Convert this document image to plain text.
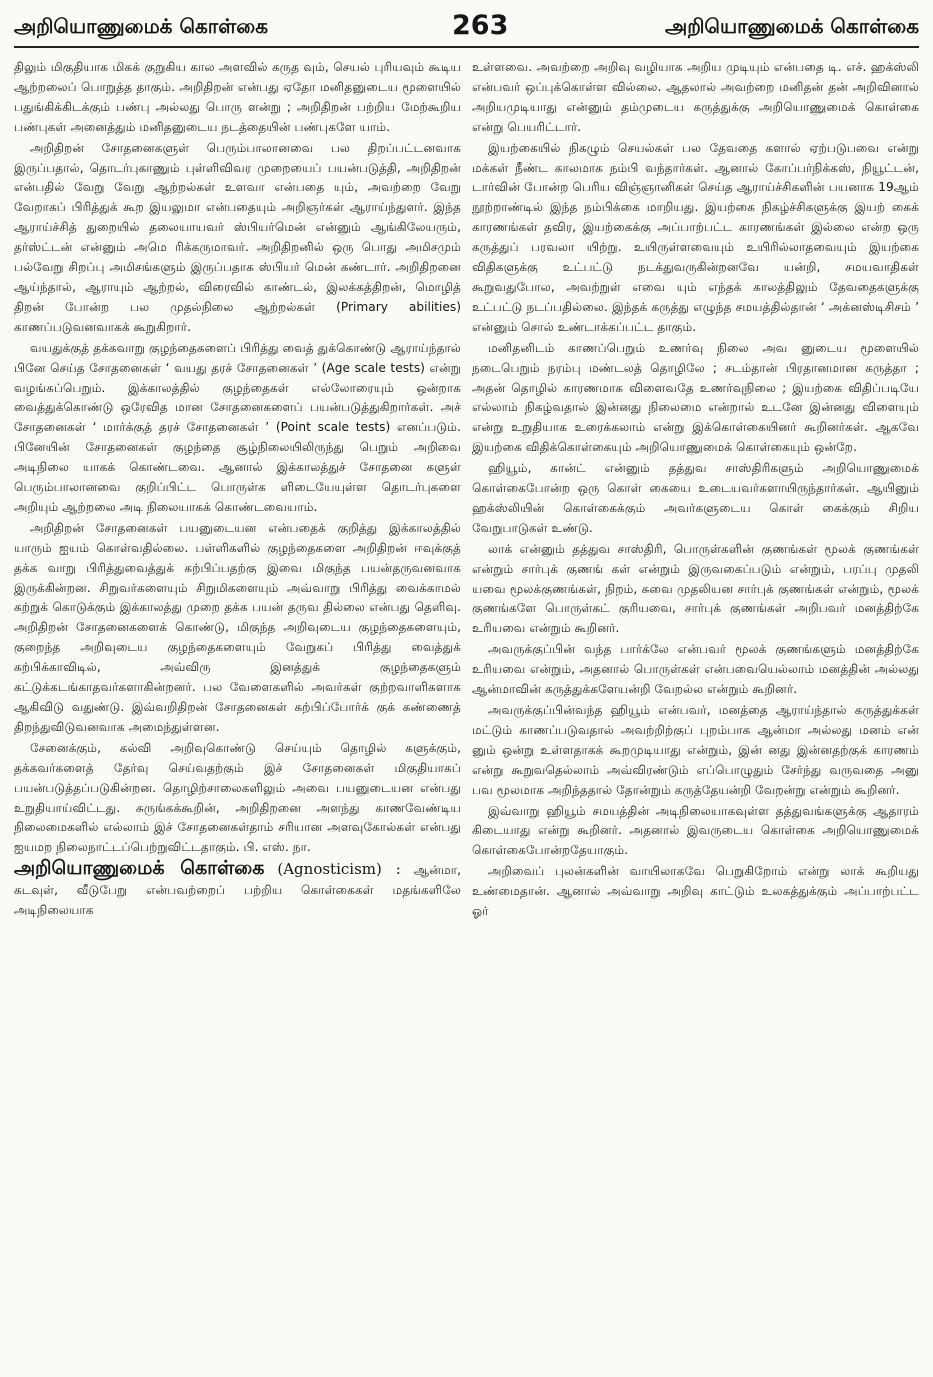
அறியொணுமைக் கொள்கை	263	அறியொணுமைக் கொள்கை

திலும் மிகுதியாக மிகக் குறுகிய கால அளவில் கருத வும், செயல் புரியவும் கூடிய ஆற்றலைப் பொறுத்த தாகும். அறிதிறன் என்பது ஏதோ மனிதனுடைய மூளையில் பதுங்கிக்கிடக்கும் பண்பு அல்லது பொரு ளன்று ; அறிதிறன் பற்றிய மேற்கூறிய பண்புகள் அனைத்தும் மனிதனுடைய நடத்தையின் பண்புகளே யாம்.

அறிதிறன் சோதனைகளுள் பெரும்பாலானவை பல திறப்பட்டனவாக இருப்பதால், தொடர்புகாணும் புள்ளிவிவர முறையைப் பயன்படுத்தி, அறிதிறன் என்பதில் வேறு வேறு ஆற்றல்கள் உளவா என்பதை யும், அவற்றை வேறு வேறாகப் பிரித்துக் கூற இயலுமா என்பதையும் அறிஞர்கள் ஆராய்ந்துளர். இந்த ஆராய்ச்சித் துறையில் தலையாயவர் ஸ்பியர்மென் என்னும் ஆங்கிலேயரும், தர்ஸ்ட்டன் என்னும் அமெ ரிக்கருமாவர். அறிதிறனில் ஒரு பொது அமிசமும் பல்வேறு சிறப்பு அமிசங்களும் இருப்பதாக ஸ்பியர் மென் கண்டார். அறிதிறனை ஆய்ந்தால், ஆராயும் ஆற்றல், விரைவில் காண்டல், இலக்கத்திறன், மொழித் திறன் போன்ற பல முதல்நிலை ஆற்றல்கள் (Primary abilities) காணப்படுவனவாகக் கூறுகிறார்.

வயதுக்குத் தக்கவாறு குழந்தைகளைப் பிரித்து வைத் துக்கொண்டு ஆராய்ந்தால் பினே செய்த சோதனைகள் ‘ வயது தரச் சோதனைகள் ’ (Age scale tests) என்று வழங்கப்பெறும். இக்காலத்தில் குழந்தைகள் எல்லோரையும் ஒன்றாக வைத்துக்கொண்டு ஒரேவித மான சோதனைகளைப் பயன்படுத்துகிறார்கள். அச் சோதனைகள் ‘ மார்க்குத் தரச் சோதனைகள் ’ (Point scale tests) எனப்படும். பினேயின் சோதனைகள் குழந்தை சூழ்நிலையிலிருந்து பெறும் அறிவை அடிநிலை யாகக் கொண்டவை. ஆனால் இக்காலத்துச் சோதனை களுள் பெரும்பாலானவை குறிப்பிட்ட பொருள்க ளிடையேயுள்ள தொடர்புகளை அறியும் ஆற்றலை அடி நிலையாகக் கொண்டவையாம்.

அறிதிறன் சோதனைகள் பயனுடையன என்பதைக் குறித்து இக்காலத்தில் யாரும் ஐயம் கொள்வதில்லை. பள்ளிகளில் குழந்தைகளை அறிதிறன் ஈவுக்குத் தக்க வாறு பிரித்துவைத்துக் கற்பிப்பதற்கு இவை மிகுந்த பயன்தருவனவாக இருக்கின்றன. சிறுவர்களையும் சிறுமிகளையும் அவ்வாறு பிரித்து வைக்காமல் கற்றுக் கொடுக்கும் இக்காலத்து முறை தக்க பயன் தருவ தில்லை என்பது தெளிவு. அறிதிறன் சோதனைகளைக் கொண்டு, மிகுந்த அறிவுடைய குழந்தைகளையும், குறைந்த அறிவுடைய குழந்தைகளையும் வேறுகப் பிரித்து வைத்துக் கற்பிக்காவிடில், அவ்விரு இனத்துக் குழந்தைகளும் கட்டுக்கடங்காதவர்களாகின்றனர். பல வேளைகளில் அவர்கள் குற்றவாளிகளாக ஆகிவிடு வதுண்டு. இவ்வறிதிறன் சோதனைகள் கற்பிப்போர்க் குக் கண்ணைத் திறந்துவிடுவனவாக அமைந்துள்ளன.

சேனைக்கும், கல்வி அறிவுகொண்டு செய்யும் தொழில் களுக்கும், தக்கவர்களைத் தேர்வு செய்வதற்கும் இச் சோதனைகள் மிகுதியாகப் பயன்படுத்தப்படுகின்றன. தொழிற்சாலைகளிலும் அவை பயனுடையன என்பது உறுதியாய்விட்டது. சுருங்கக்கூறின், அறிதிறனை அளந்து காணவேண்டிய நிலைமைகளில் எல்லாம் இச் சோதனைகள்தாம் சரியான அளவுகோல்கள் என்பது ஐயமற நிலைநாட்டப்பெற்றுவிட்டதாகும். பி. எஸ். நா.

அறியொணுமைக் கொள்கை (Agnosticism) : ஆன்மா, கடவுள், வீடுபேறு என்பவற்றைப் பற்றிய கொள்கைகள் மதங்களிலே அடிநிலையாக

உள்ளவை. அவற்றை அறிவு வழியாக அறிய முடியும் என்பதை டி. எச். ஹக்ஸ்லி என்பவர் ஒப்புக்கொள்ள வில்லை. ஆதலால் அவற்றை மனிதன் தன் அறிவினால் அறியமுடியாது என்னும் தம்முடைய கருத்துக்கு அறியொணுமைக் கொள்கை என்று பெயரிட்டார்.

இயற்கையில் நிகழும் செயல்கள் பல தேவதை களால் ஏற்படுபவை என்று மக்கள் நீண்ட காலமாக நம்பி வந்தார்கள். ஆனால் கோப்பர்நிக்கஸ், நியூட்டன், டார்வின் போன்ற பெரிய விஞ்ஞானிகள் செய்த ஆராய்ச்சிகளின் பயனாக 19ஆம் நூற்றாண்டில் இந்த நம்பிக்கை மாறியது. இயற்கை நிகழ்ச்சிகளுக்கு இயற் கைக் காரணங்கள் தவிர, இயற்கைக்கு அப்பாற்பட்ட காரணங்கள் இல்லை என்ற ஒரு கருத்துப் பரவலா யிற்று. உயிருள்ளவையும் உயிரில்லாதவையும் இயற்கை விதிகளுக்கு உட்பட்டு நடக்துவருகின்றனவே யன்றி, சமயவாதிகள் கூறுவதுபோல, அவற்றுள் எவை யும் எந்தக் காலத்திலும் தேவதைகளுக்கு உட்பட்டு நடப்பதில்லை. இந்தக் கருத்து எழுந்த சமயத்தில்தான் ‘ அக்னஸ்டிசிசம் ’ என்னும் சொல் உண்டாக்கப்பட்ட தாகும்.

மனிதனிடம் காணப்பெறும் உணர்வு நிலை அவ னுடைய மூளையில் நடைபெறும் நரம்பு மண்டலத் தொழிலே ; சடம்தான் பிரதானமான கருத்தா ; அதன் தொழில் காரணமாக விளைவதே உணர்வுநிலை ; இயற்கை விதிப்படியே எல்லாம் நிகழ்வதால் இன்னது நிலைமை என்றால் உடனே இன்னது விளையும் என்று உறுதியாக உரைக்கலாம் என்று இக்கொள்கையினர் கூறினர்கள். ஆகவே இயற்கை விதிக்கொள்கையும் அறியொணுமைக் கொள்கையும் ஒன்றே.

ஹியூம், கான்ட் என்னும் தத்துவ சாஸ்திரிகளும் அறியொணுமைக் கொள்கைபோன்ற ஒரு கொள் கையை உடையவர்களாயிருந்தார்கள். ஆயினும் ஹக்ஸ்லியின் கொள்கைக்கும் அவர்களுடைய கொள் கைக்கும் சிறிய வேறுபாடுகள் உண்டு.

லாக் என்னும் தத்துவ சாஸ்திரி, பொருள்களின் குணங்கள் மூலக் குணங்கள் என்றும் சார்புக் குணங் கள் என்றும் இருவகைப்படும் என்றும், பரப்பு முதலி யவை மூலக்குணங்கள், நிறம், சுவை முதலியன சார்புக் குணங்கள் என்றும், மூலக் குணங்களே பொருள்கட் குரியவை, சார்புக் குணங்கள் அறிபவர் மனத்திற்கே உரியவை என்றும் கூறினர்.

அவருக்குப்பின் வந்த பார்க்லே என்பவர் மூலக் குணங்களும் மனத்திற்கே உரியவை என்றும், அதனால் பொருள்கள் என்பவையெல்லாம் மனத்தின் அல்லது ஆன்மாவின் கருத்துக்களேயன்றி வேறல்ல என்றும் கூறினர்.

அவருக்குப்பின்வந்த ஹியூம் என்பவர், மனத்தை ஆராய்ந்தால் கருத்துக்கள் மட்டும் காணப்படுவதால் அவற்றிற்குப் புறம்பாக ஆன்மா அல்லது மனம் என் னும் ஒன்று உள்ளதாகக் கூறமுடியாது என்றும், இன் னது இன்னதற்குக் காரணம் என்று கூறுவதெல்லாம் அவ்விரண்டும் எப்பொழுதும் சேர்ந்து வருவதை அனு பவ மூலமாக அறிந்ததால் தோன்றும் கருத்தேயன்றி வேறன்று என்றும் கூறினர்.

இவ்வாறு ஹியூம் சமயத்தின் அடிநிலையாகவுள்ள தத்துவங்களுக்கு ஆதாரம் கிடையாது என்று கூறினர். அதனால் இவருடைய கொள்கை அறியொணுமைக் கொள்கைபோன்றதேயாகும்.

அறிவைப் புலன்களின் வாயிலாகவே பெறுகிறோம் என்று லாக் கூறியது உண்மைதான். ஆனால் அவ்வாறு அறிவு காட்டும் உலகத்துக்கும் அப்பாற்பட்ட ஓர்
